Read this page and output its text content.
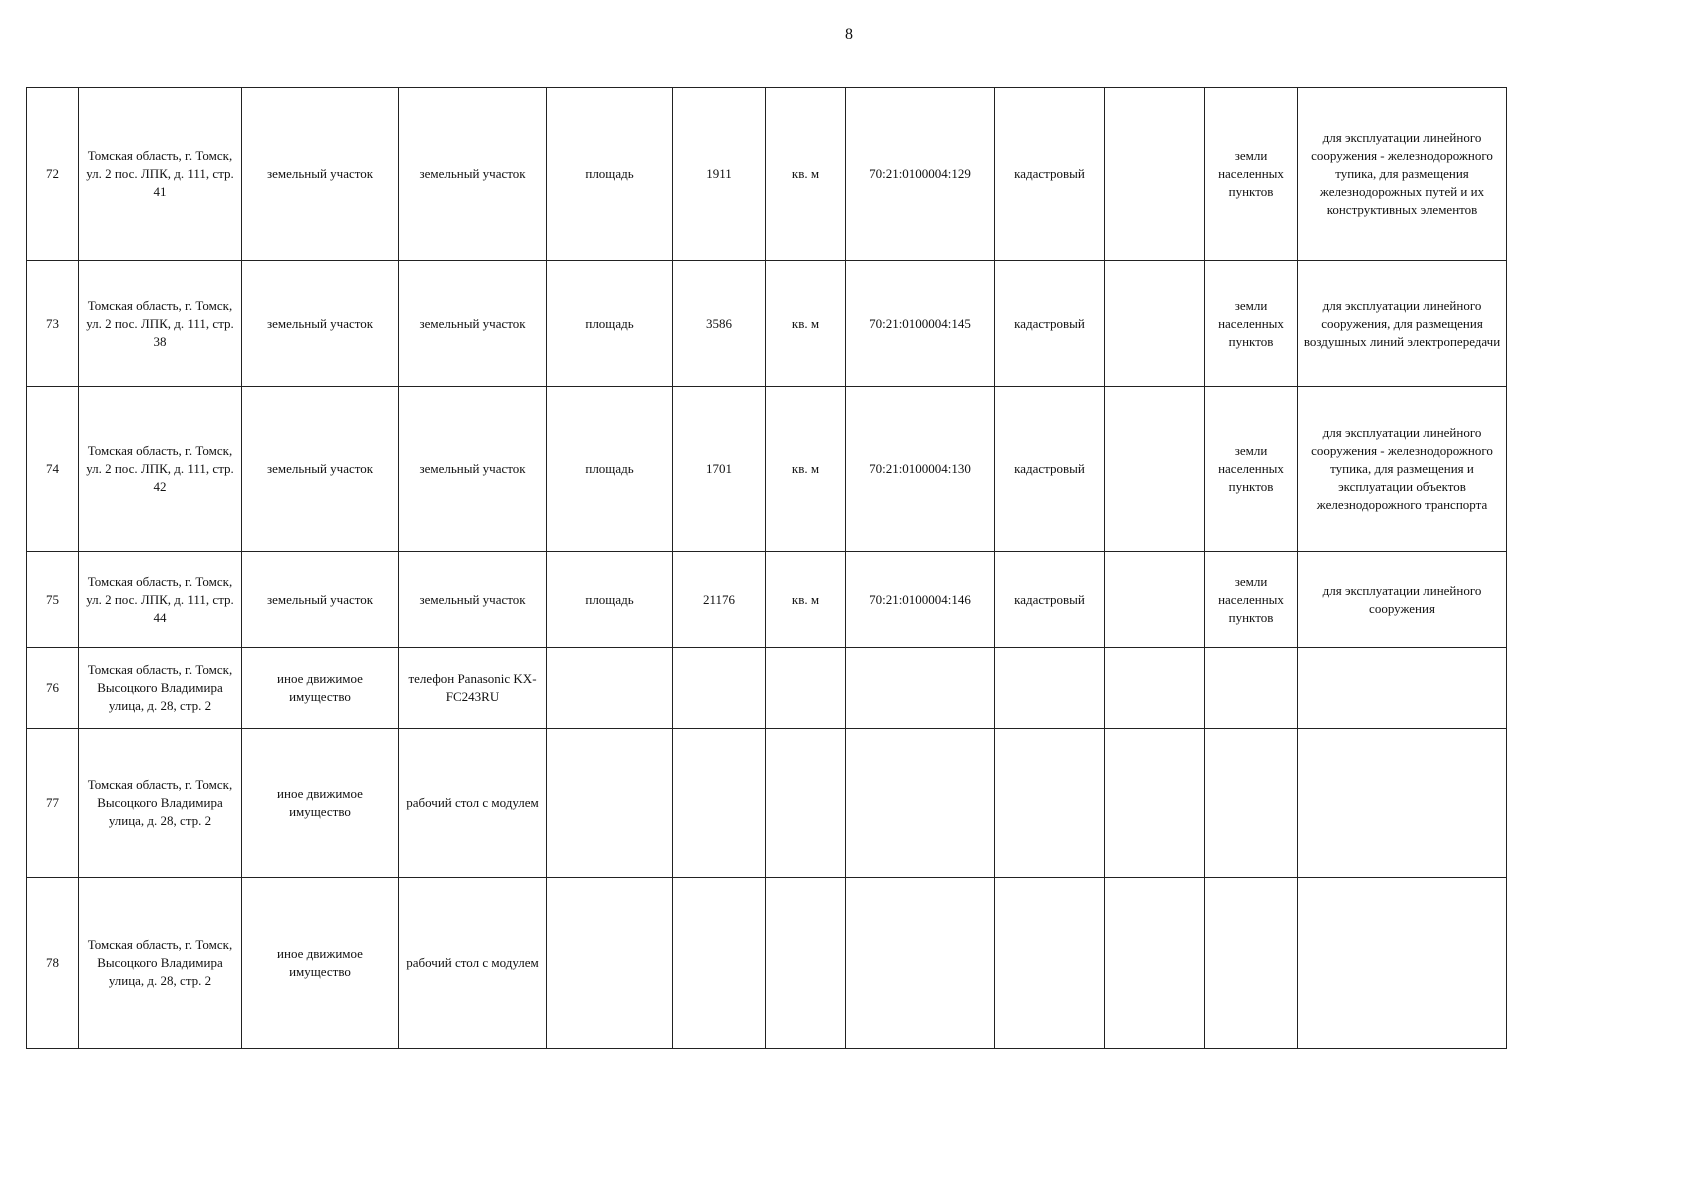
8
72	Томская область, г. Томск, ул. 2 пос. ЛПК, д. 111, стр. 41	земельный участок	земельный участок	площадь	1911	кв. м	70:21:0100004:129	кадастровый		земли населенных пунктов	для эксплуатации линейного сооружения - железнодорожного тупика, для размещения железнодорожных путей и их конструктивных элементов
73	Томская область, г. Томск, ул. 2 пос. ЛПК, д. 111, стр. 38	земельный участок	земельный участок	площадь	3586	кв. м	70:21:0100004:145	кадастровый		земли населенных пунктов	для эксплуатации линейного сооружения, для размещения воздушных линий электропередачи
74	Томская область, г. Томск, ул. 2 пос. ЛПК, д. 111, стр. 42	земельный участок	земельный участок	площадь	1701	кв. м	70:21:0100004:130	кадастровый		земли населенных пунктов	для эксплуатации линейного сооружения - железнодорожного тупика, для размещения и эксплуатации объектов железнодорожного транспорта
75	Томская область, г. Томск, ул. 2 пос. ЛПК, д. 111, стр. 44	земельный участок	земельный участок	площадь	21176	кв. м	70:21:0100004:146	кадастровый		земли населенных пунктов	для эксплуатации линейного сооружения
76	Томская область, г. Томск, Высоцкого Владимира улица, д. 28, стр. 2	иное движимое имущество	телефон Panasonic KX-FC243RU								
77	Томская область, г. Томск, Высоцкого Владимира улица, д. 28, стр. 2	иное движимое имущество	рабочий стол с модулем								
78	Томская область, г. Томск, Высоцкого Владимира улица, д. 28, стр. 2	иное движимое имущество	рабочий стол с модулем								
